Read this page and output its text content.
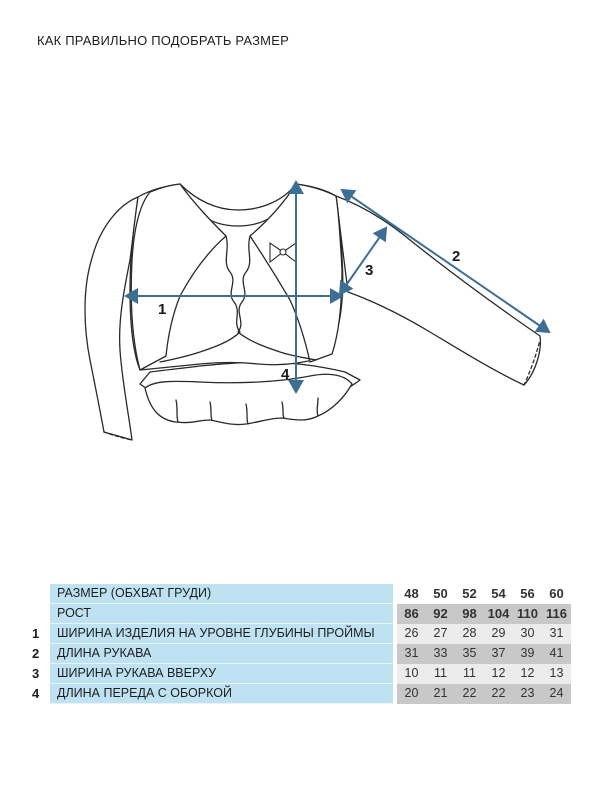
КАК ПРАВИЛЬНО ПОДОБРАТЬ РАЗМЕР
1
2
3
4
	РАЗМЕР (ОБХВАТ ГРУДИ)		48	50	52	54	56	60
	РОСТ		86	92	98	104	110	116
1	ШИРИНА ИЗДЕЛИЯ НА УРОВНЕ ГЛУБИНЫ ПРОЙМЫ		26	27	28	29	30	31
2	ДЛИНА РУКАВА		31	33	35	37	39	41
3	ШИРИНА РУКАВА ВВЕРХУ		10	11	11	12	12	13
4	ДЛИНА ПЕРЕДА С ОБОРКОЙ		20	21	22	22	23	24
